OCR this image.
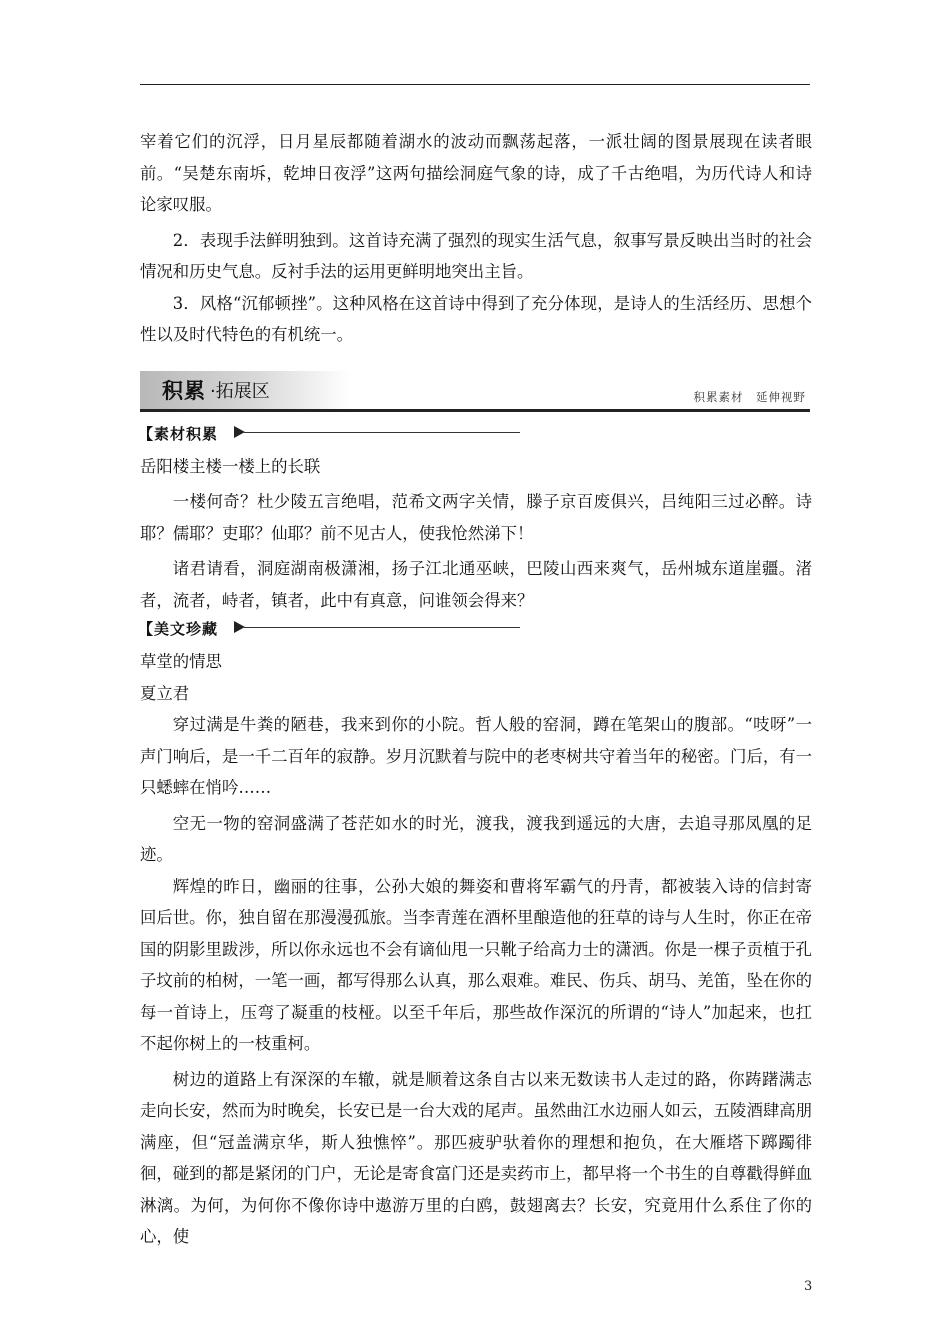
宰着它们的沉浮，日月星辰都随着湖水的波动而飘荡起落，一派壮阔的图景展现在读者眼前。“吴楚东南坼，乾坤日夜浮”这两句描绘洞庭气象的诗，成了千古绝唱，为历代诗人和诗论家叹服。

2．表现手法鲜明独到。这首诗充满了强烈的现实生活气息，叙事写景反映出当时的社会情况和历史气息。反衬手法的运用更鲜明地突出主旨。

3．风格“沉郁顿挫”。这种风格在这首诗中得到了充分体现，是诗人的生活经历、思想个性以及时代特色的有机统一。

积累 ·拓展区	积累素材　延伸视野
【素材积累

岳阳楼主楼一楼上的长联

一楼何奇？杜少陵五言绝唱，范希文两字关情，滕子京百废俱兴，吕纯阳三过必醉。诗耶？儒耶？吏耶？仙耶？前不见古人，使我怆然涕下！

诸君请看，洞庭湖南极潇湘，扬子江北通巫峡，巴陵山西来爽气，岳州城东道崖疆。渚者，流者，峙者，镇者，此中有真意，问谁领会得来？

【美文珍藏

草堂的情思

夏立君

穿过满是牛粪的陋巷，我来到你的小院。哲人般的窑洞，蹲在笔架山的腹部。“吱呀”一声门响后，是一千二百年的寂静。岁月沉默着与院中的老枣树共守着当年的秘密。门后，有一只蟋蟀在悄吟……

空无一物的窑洞盛满了苍茫如水的时光，渡我，渡我到遥远的大唐，去追寻那凤凰的足迹。

辉煌的昨日，幽丽的往事，公孙大娘的舞姿和曹将军霸气的丹青，都被装入诗的信封寄回后世。你，独自留在那漫漫孤旅。当李青莲在酒杯里酿造他的狂草的诗与人生时，你正在帝国的阴影里跋涉，所以你永远也不会有谪仙甩一只靴子给高力士的潇洒。你是一棵子贡植于孔子坟前的柏树，一笔一画，都写得那么认真，那么艰难。难民、伤兵、胡马、羌笛，坠在你的每一首诗上，压弯了凝重的枝桠。以至千年后，那些故作深沉的所谓的“诗人”加起来，也扛不起你树上的一枝重柯。

树边的道路上有深深的车辙，就是顺着这条自古以来无数读书人走过的路，你踌躇满志走向长安，然而为时晚矣，长安已是一台大戏的尾声。虽然曲江水边丽人如云，五陵酒肆高朋满座，但“冠盖满京华，斯人独憔悴”。那匹疲驴驮着你的理想和抱负，在大雁塔下踯躅徘徊，碰到的都是紧闭的门户，无论是寄食富门还是卖药市上，都早将一个书生的自尊戳得鲜血淋漓。为何，为何你不像你诗中遨游万里的白鸥，鼓翅离去？长安，究竟用什么系住了你的心，使

3
